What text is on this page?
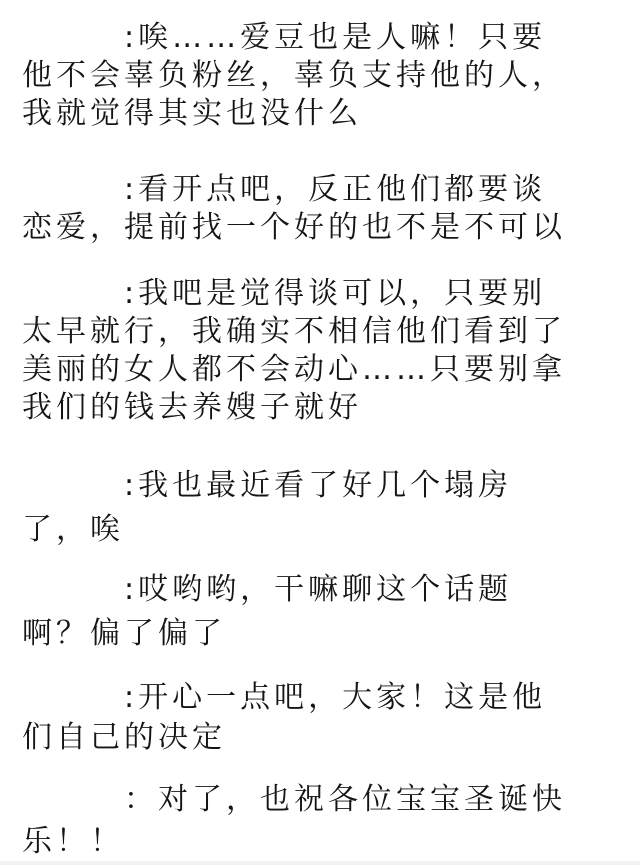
:唉……爱豆也是人嘛！只要
他不会辜负粉丝，辜负支持他的人，
我就觉得其实也没什么
:看开点吧，反正他们都要谈
恋爱，提前找一个好的也不是不可以
:我吧是觉得谈可以，只要别
太早就行，我确实不相信他们看到了
美丽的女人都不会动心……只要别拿
我们的钱去养嫂子就好
:我也最近看了好几个塌房
了，唉
:哎哟哟，干嘛聊这个话题
啊？偏了偏了
:开心一点吧，大家！这是他
们自己的决定
：对了，也祝各位宝宝圣诞快
乐！！
